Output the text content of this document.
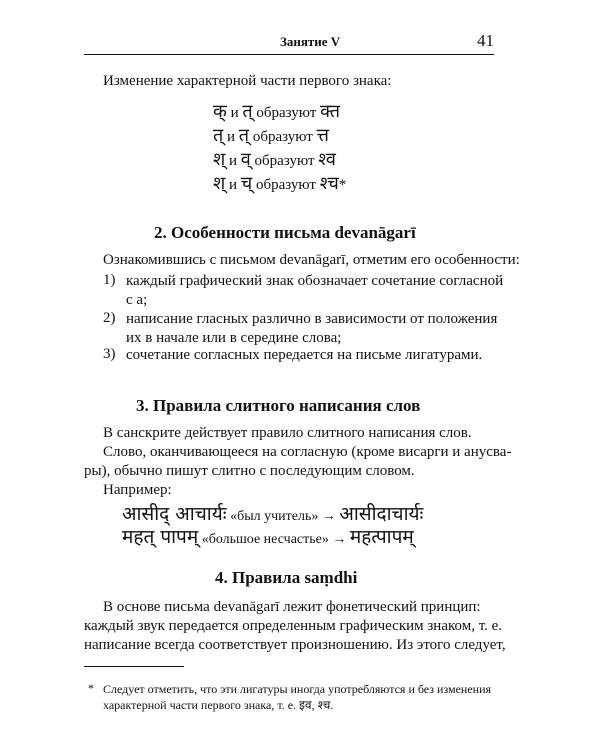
Занятие V	41
Изменение характерной части первого знака:
क् и त् образуют क्त
त् и त् образуют त्त
श् и व् образуют श्व
श् и च् образуют श्च*
2. Особенности письма devanāgarī
Ознакомившись с письмом devanāgarī, отметим его особенности:
1) каждый графический знак обозначает сочетание согласной
с а;
2) написание гласных различно в зависимости от положения
их в начале или в середине слова;
3) сочетание согласных передается на письме лигатурами.
3. Правила слитного написания слов
В санскрите действует правило слитного написания слов.
Слово, оканчивающееся на согласную (кроме висарги и анусва-
ры), обычно пишут слитно с последующим словом.
Например:
आसीद् आचार्यः «был учитель» → आसीदाचार्यः
महत् पापम् «большое несчастье» → महत्पापम्
4. Правила saṃdhi
В основе письма devanāgarī лежит фонетический принцип:
каждый звук передается определенным графическим знаком, т. е.
написание всегда соответствует произношению. Из этого следует,
* Следует отметить, что эти лигатуры иногда употребляются и без изменения
характерной части первого знака, т. е. इव, श्च.
